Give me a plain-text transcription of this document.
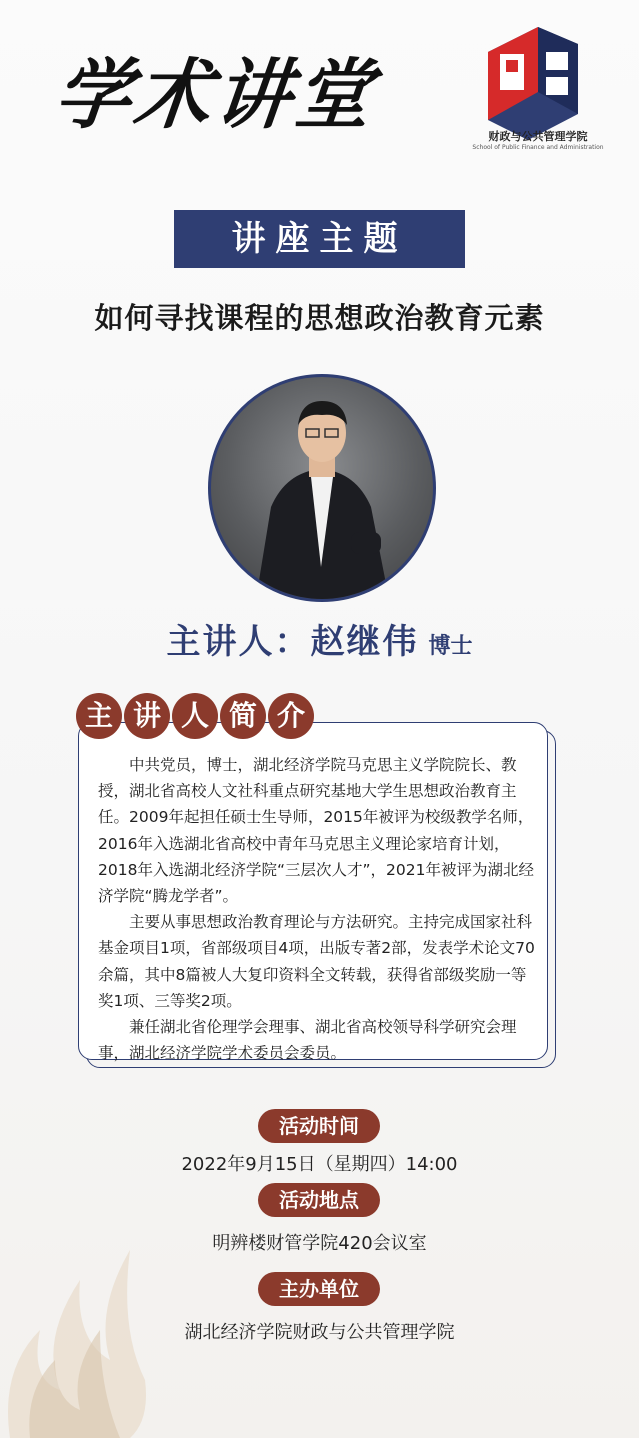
学术讲堂	财政与公共管理学院
School of Public Finance and Administration
讲座主题
如何寻找课程的思想政治教育元素
主讲人：赵继伟 博士
主 讲 人 简 介

中共党员，博士，湖北经济学院马克思主义学院院长、教授，湖北省高校人文社科重点研究基地大学生思想政治教育主任。2009年起担任硕士生导师，2015年被评为校级教学名师，2016年入选湖北省高校中青年马克思主义理论家培育计划，2018年入选湖北经济学院“三层次人才”，2021年被评为湖北经济学院“腾龙学者”。

主要从事思想政治教育理论与方法研究。主持完成国家社科基金项目1项，省部级项目4项，出版专著2部，发表学术论文70余篇，其中8篇被人大复印资料全文转载，获得省部级奖励一等奖1项、三等奖2项。

兼任湖北省伦理学会理事、湖北省高校领导科学研究会理事，湖北经济学院学术委员会委员。

活动时间
2022年9月15日（星期四）14:00
活动地点
明辨楼财管学院420会议室
主办单位
湖北经济学院财政与公共管理学院
